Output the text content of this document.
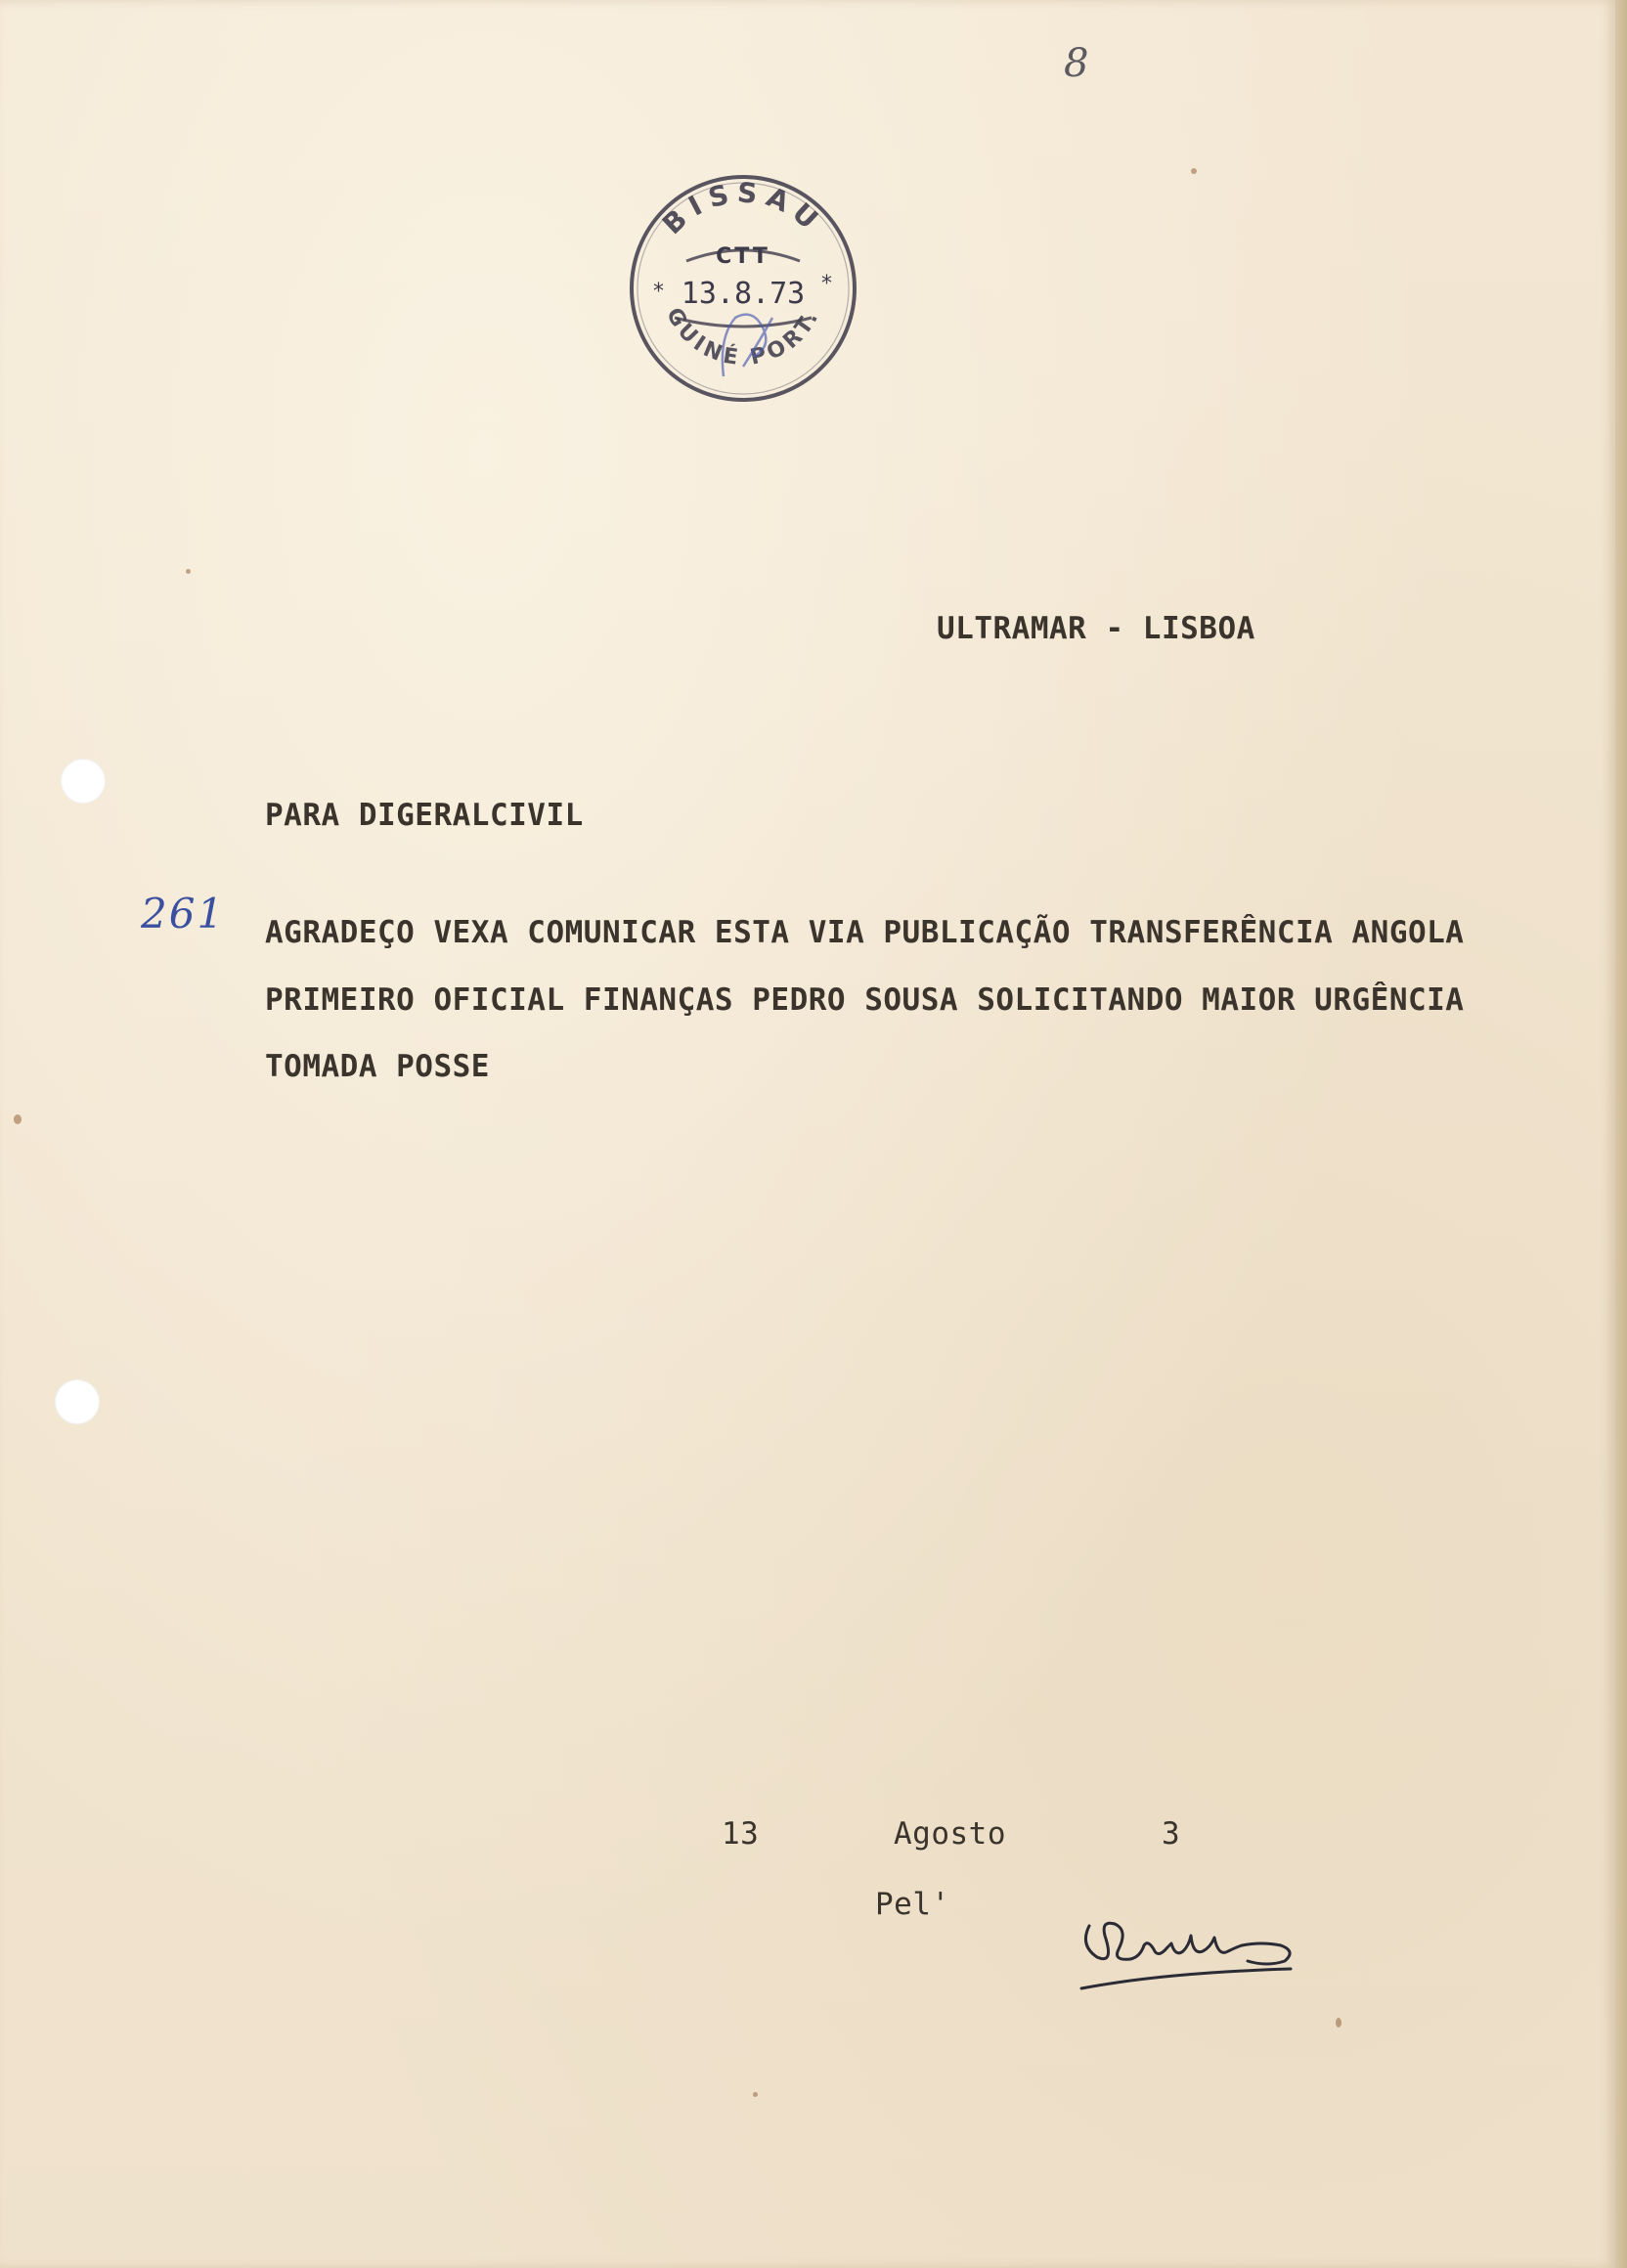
8
BISSAU
CTT
13.8.73
*	*
GUINÉ PORT.
ULTRAMAR - LISBOA
PARA DIGERALCIVIL
261 AGRADEÇO VEXA COMUNICAR ESTA VIA PUBLICAÇÃO TRANSFERÊNCIA ANGOLA
PRIMEIRO OFICIAL FINANÇAS PEDRO SOUSA SOLICITANDO MAIOR URGÊNCIA
TOMADA POSSE
13	Agosto	3
Pel'
